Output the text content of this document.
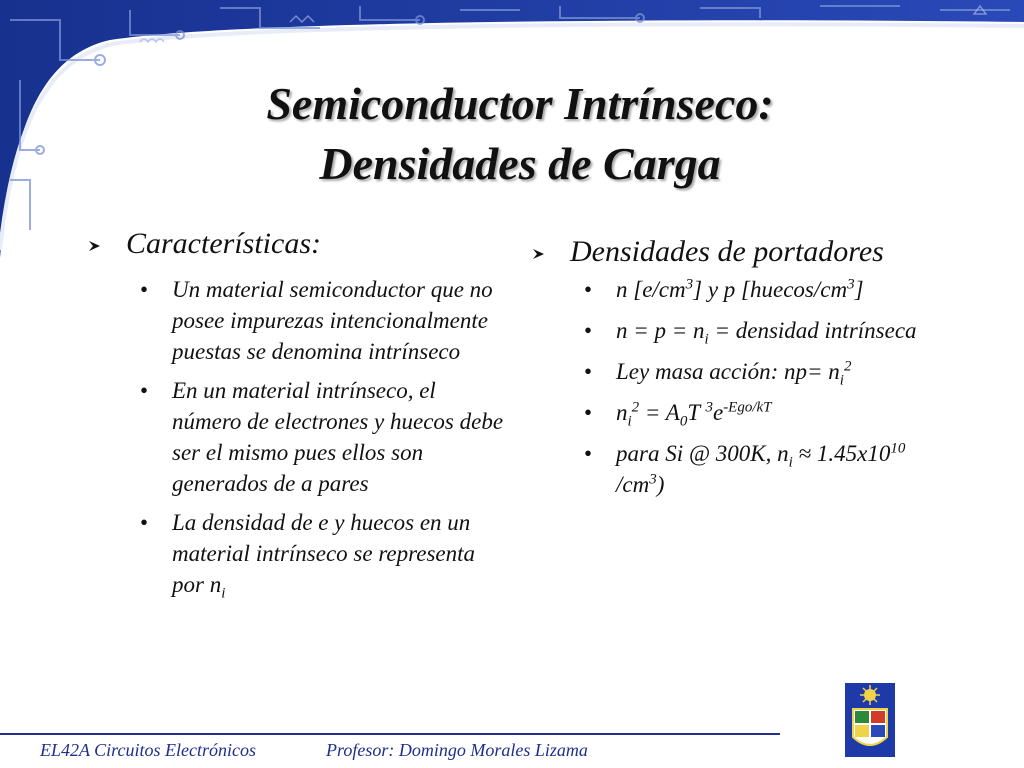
Semiconductor Intrínseco:
Densidades de Carga
Características:
• Un material semiconductor que no posee impurezas intencionalmente puestas se denomina intrínseco
• En un material intrínseco, el número de electrones y huecos debe ser el mismo pues ellos son generados de a pares
• La densidad de e y huecos en un material intrínseco se representa por $n_i$
Densidades de portadores
• n $[e/cm^3]$ y p $[huecos/cm^3]$
• $n = p = n_i$ = densidad intrínseca
• Ley masa acción: $np= n_i^2$
• $n_i^2 = A_0T$ $^3e^{-Ego/kT}$
• para Si @ 300K, $n_i \approx 1.45x10^{10}$ $/cm^3$)
EL42A Circuitos Electrónicos	Profesor: Domingo Morales Lizama
